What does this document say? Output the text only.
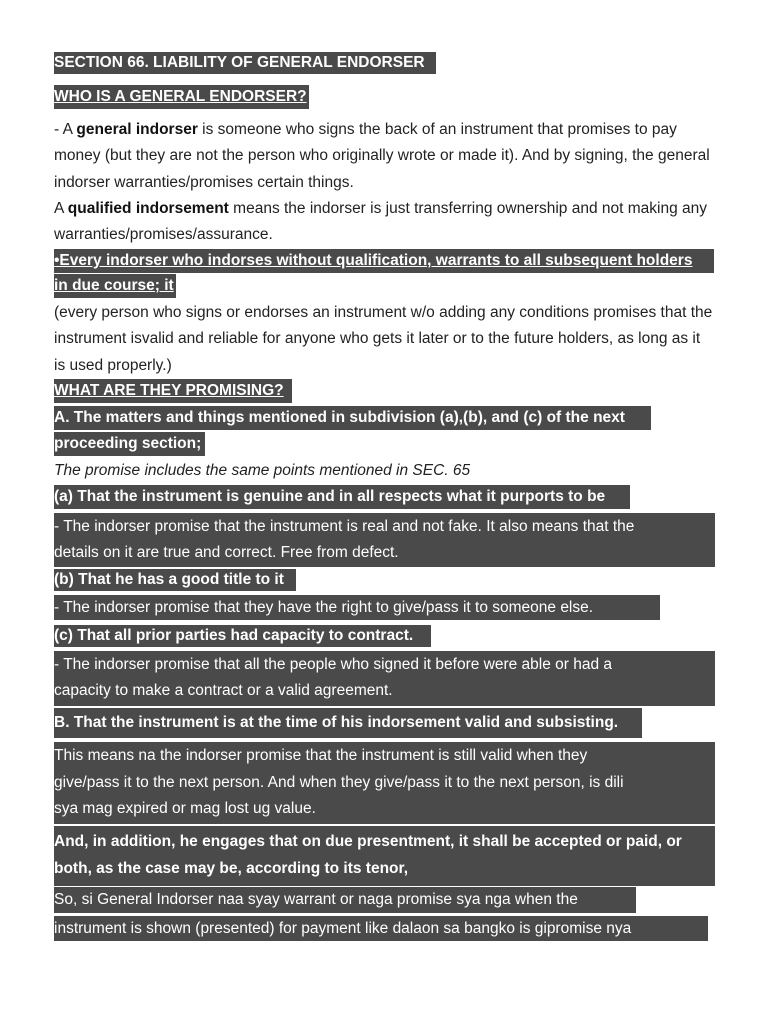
SECTION 66. LIABILITY OF GENERAL ENDORSER
WHO IS A GENERAL ENDORSER?
- A general indorser is someone who signs the back of an instrument that promises to pay money (but they are not the person who originally wrote or made it). And by signing, the general indorser warranties/promises certain things.
A qualified indorsement means the indorser is just transferring ownership and not making any warranties/promises/assurance.
•Every indorser who indorses without qualification, warrants to all subsequent holders
in due course; it
(every person who signs or endorses an instrument w/o adding any conditions promises that the instrument isvalid and reliable for anyone who gets it later or to the future holders, as long as it is used properly.)
WHAT ARE THEY PROMISING?
A. The matters and things mentioned in subdivision (a),(b), and (c) of the next
proceeding section;
The promise includes the same points mentioned in SEC. 65
(a) That the instrument is genuine and in all respects what it purports to be
- The indorser promise that the instrument is real and not fake. It also means that the
details on it are true and correct. Free from defect.
(b) That he has a good title to it
- The indorser promise that they have the right to give/pass it to someone else.
(c) That all prior parties had capacity to contract.
- The indorser promise that all the people who signed it before were able or had a
capacity to make a contract or a valid agreement.
B. That the instrument is at the time of his indorsement valid and subsisting.
This means na the indorser promise that the instrument is still valid when they
give/pass it to the next person. And when they give/pass it to the next person, is dili
sya mag expired or mag lost ug value.
And, in addition, he engages that on due presentment, it shall be accepted or paid, or
both, as the case may be, according to its tenor,
So, si General Indorser naa syay warrant or naga promise sya nga when the
instrument is shown (presented) for payment like dalaon sa bangko is gipromise nya
